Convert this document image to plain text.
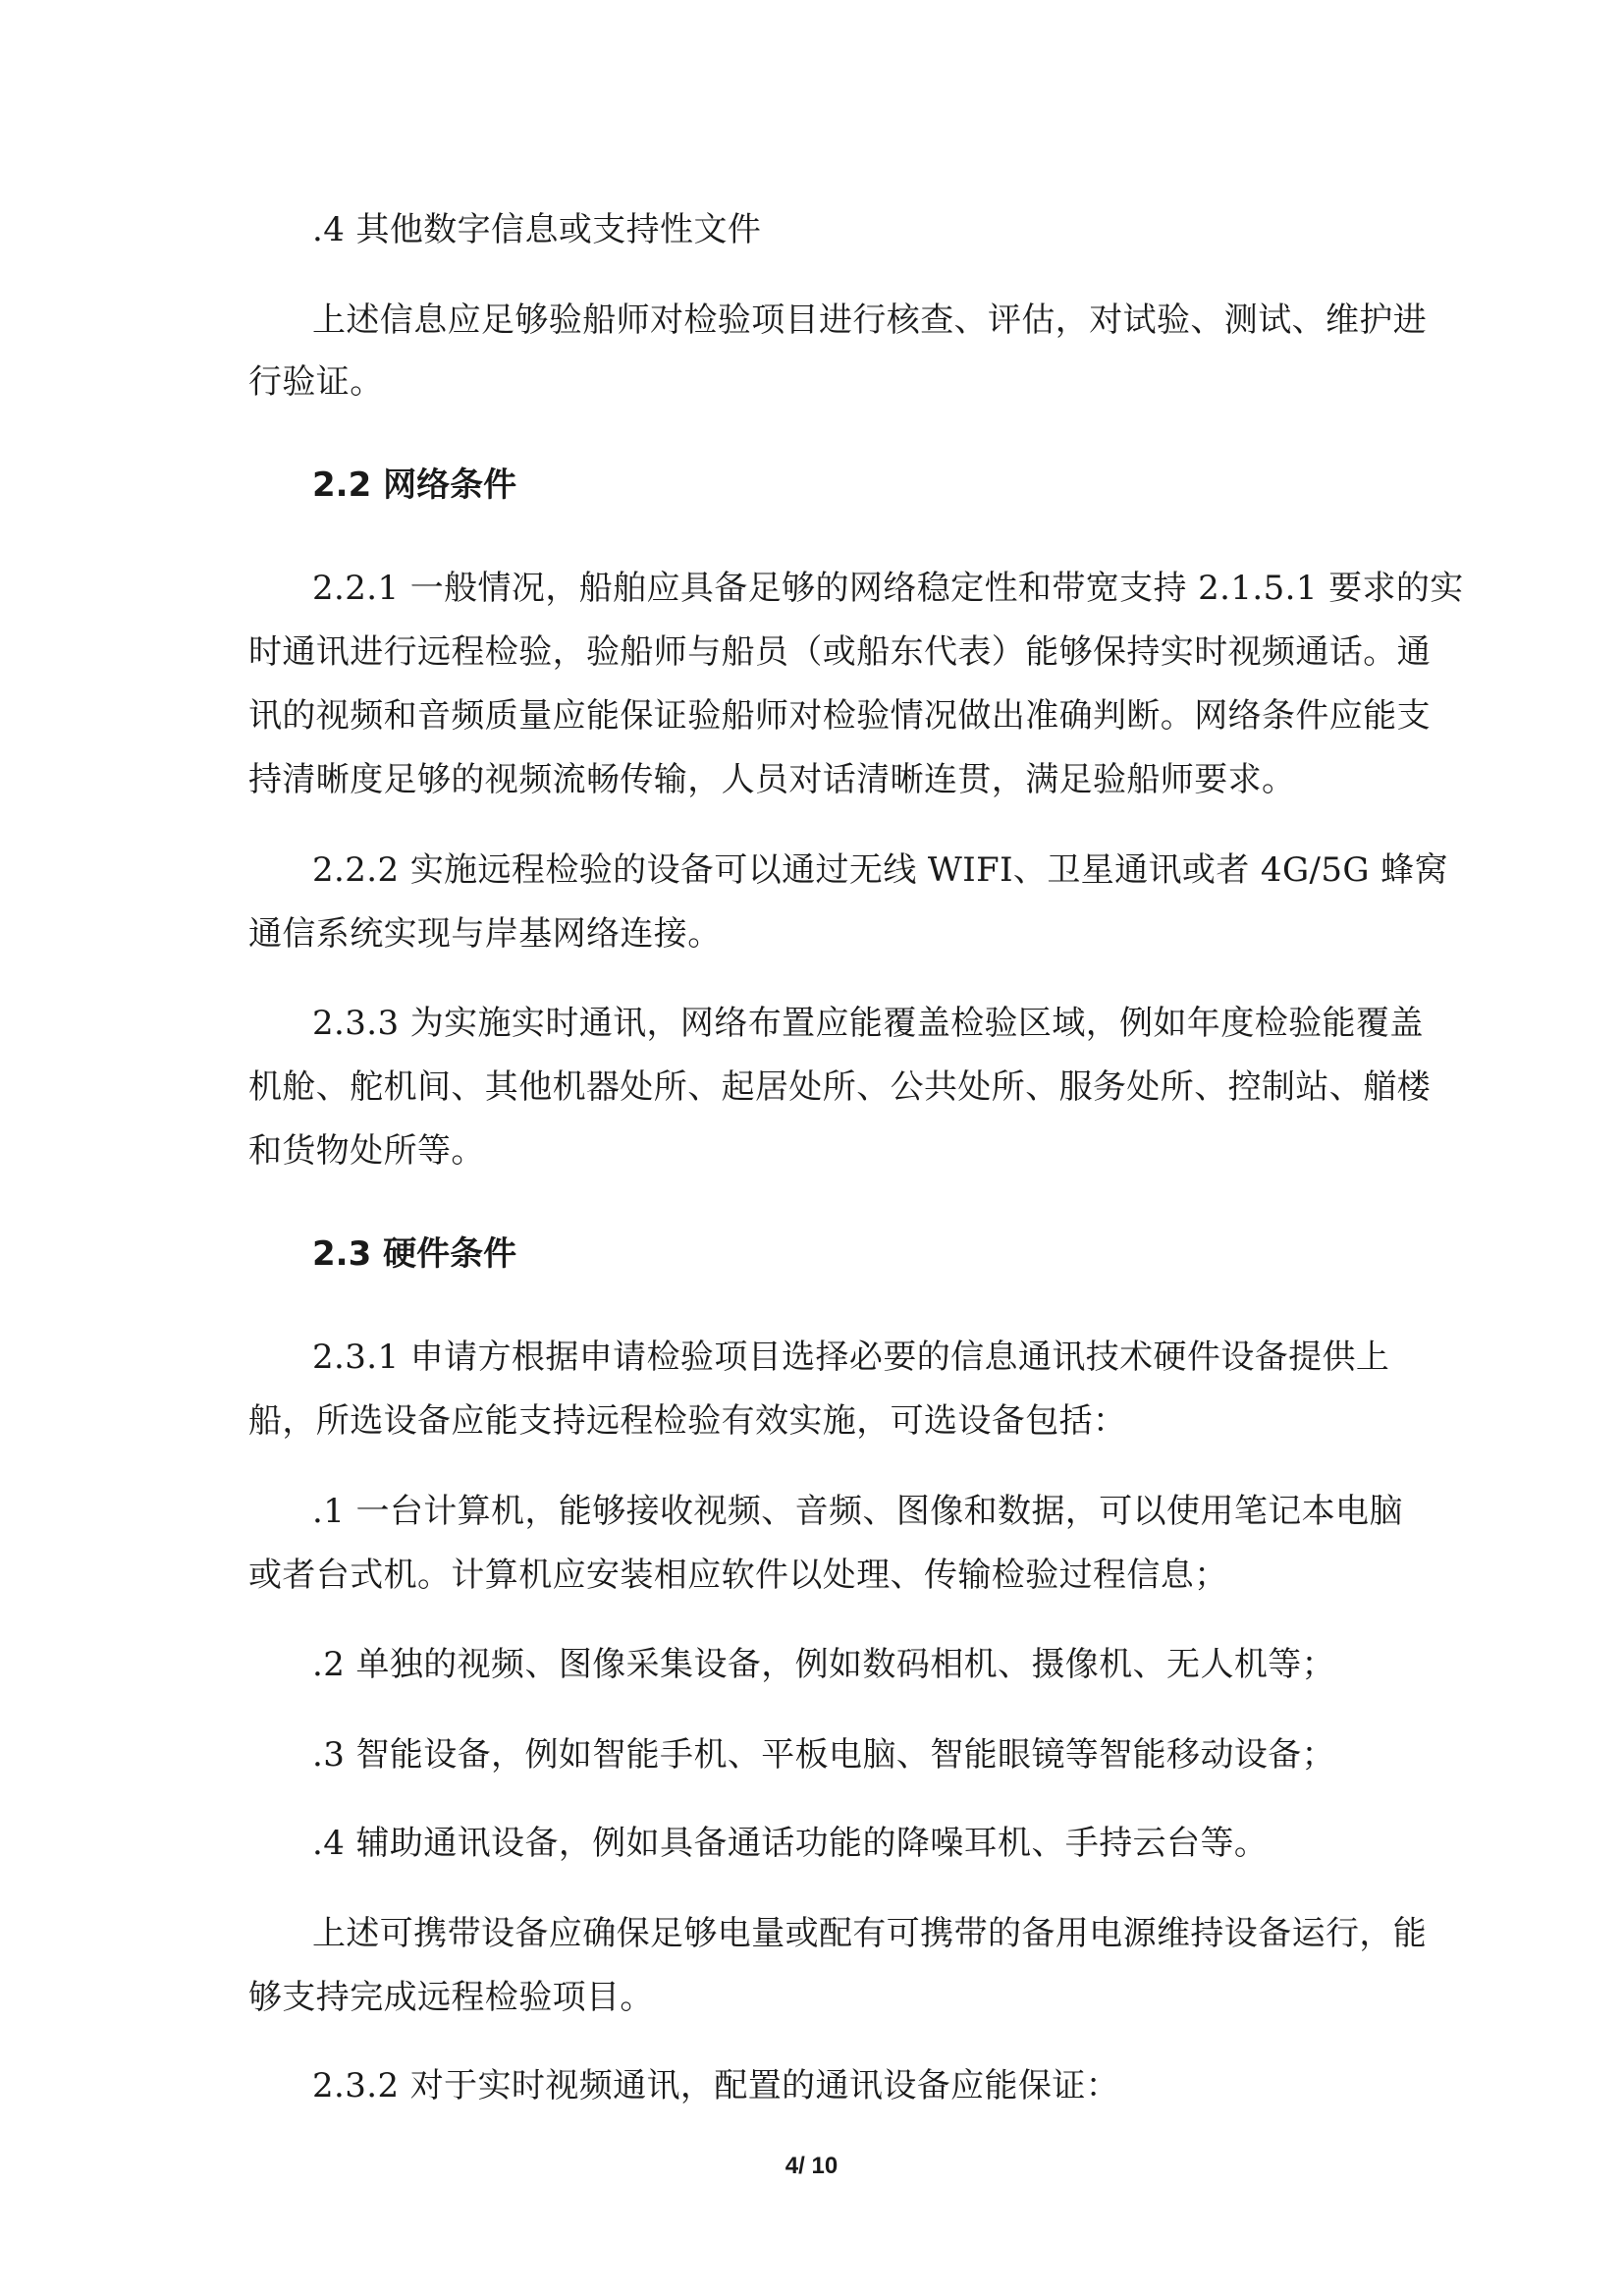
.4 其他数字信息或支持性文件
上述信息应足够验船师对检验项目进行核查、评估，对试验、测试、维护进
行验证。
2.2 网络条件
2.2.1 一般情况，船舶应具备足够的网络稳定性和带宽支持 2.1.5.1 要求的实
时通讯进行远程检验，验船师与船员（或船东代表）能够保持实时视频通话。通
讯的视频和音频质量应能保证验船师对检验情况做出准确判断。网络条件应能支
持清晰度足够的视频流畅传输，人员对话清晰连贯，满足验船师要求。
2.2.2 实施远程检验的设备可以通过无线 WIFI、卫星通讯或者 4G/5G 蜂窝
通信系统实现与岸基网络连接。
2.3.3 为实施实时通讯，网络布置应能覆盖检验区域，例如年度检验能覆盖
机舱、舵机间、其他机器处所、起居处所、公共处所、服务处所、控制站、艏楼
和货物处所等。
2.3 硬件条件
2.3.1 申请方根据申请检验项目选择必要的信息通讯技术硬件设备提供上
船，所选设备应能支持远程检验有效实施，可选设备包括：
.1 一台计算机，能够接收视频、音频、图像和数据，可以使用笔记本电脑
或者台式机。计算机应安装相应软件以处理、传输检验过程信息；
.2 单独的视频、图像采集设备，例如数码相机、摄像机、无人机等；
.3 智能设备，例如智能手机、平板电脑、智能眼镜等智能移动设备；
.4 辅助通讯设备，例如具备通话功能的降噪耳机、手持云台等。
上述可携带设备应确保足够电量或配有可携带的备用电源维持设备运行，能
够支持完成远程检验项目。
2.3.2 对于实时视频通讯，配置的通讯设备应能保证：
4/ 10
